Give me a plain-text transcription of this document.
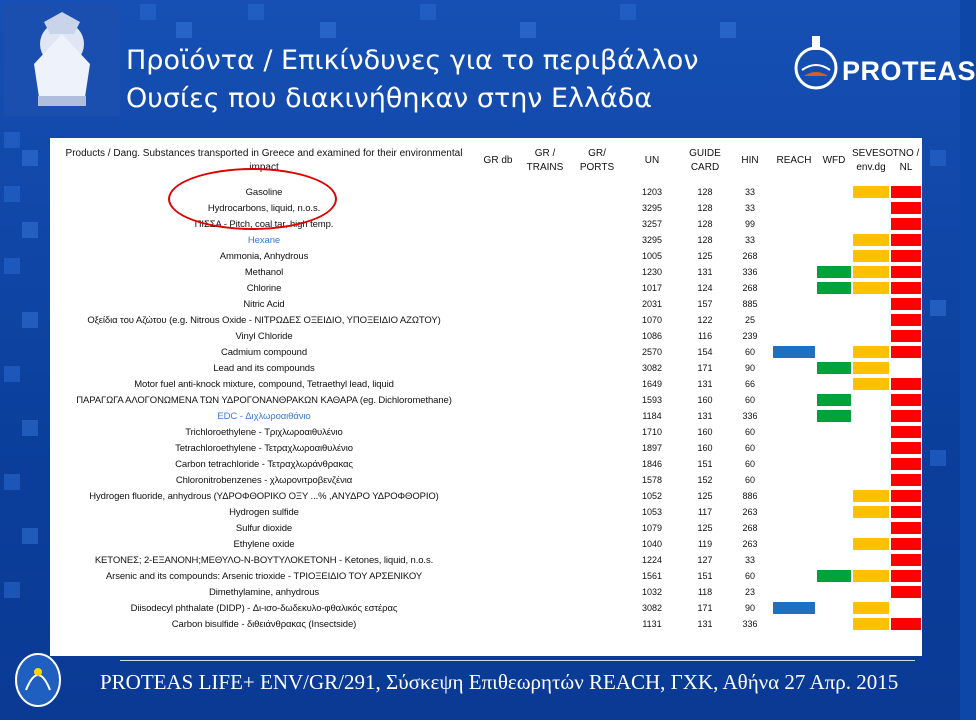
Προϊόντα / Επικίνδυνες για το περιβάλλον Ουσίες που διακινήθηκαν στην Ελλάδα
PROTEAS
Products / Dang. Substances transported in Greece and examined for their environmental impact	GR db	GR / TRAINS	GR/ PORTS	UN	GUIDE CARD	HIN	REACH	WFD	SEVESO env.dg	TNO / NL
Gasoline				1203	128	33			

Hydrocarbons, liquid, n.o.s.				3295	128	33				

ΠΙΣΣΑ - Pitch, coal tar, high temp.				3257	128	99				

Hexane				3295	128	33			

Ammonia, Anhydrous				1005	125	268			

Methanol				1230	131	336		

Chlorine				1017	124	268		

Nitric Acid				2031	157	885				

Οξείδια του Αζώτου (e.g. Nitrous Oxide - ΝΙΤΡΩΔΕΣ ΟΞΕΙΔΙΟ, ΥΠΟΞΕΙΔΙΟ ΑΖΩΤΟΥ)				1070	122	25				

Vinyl Chloride				1086	116	239				

Cadmium compound				2570	154	60	

Lead and its compounds				3082	171	90		

Motor fuel anti-knock mixture, compound, Tetraethyl lead, liquid				1649	131	66			

ΠΑΡΑΓΩΓΑ ΑΛΟΓΟΝΩΜΕΝΑ ΤΩΝ ΥΔΡΟΓΟΝΑΝΘΡΑΚΩΝ ΚΑΘΑΡΑ (eg. Dichloromethane)				1593	160	60		

EDC - Διχλωροαιθάνιο				1184	131	336		

Trichloroethylene - Τριχλωροαιθυλένιο				1710	160	60				

Tetrachloroethylene - Τετραχλωροαιθυλένιο				1897	160	60				

Carbon tetrachloride - Τετραχλωράνθρακας				1846	151	60				

Chloronitrobenzenes - χλωρονιτροβενζένια				1578	152	60				

Hydrogen fluoride, anhydrous (ΥΔΡΟΦΘΟΡΙΚΟ ΟΞΥ ...% ,ΑΝΥΔΡΟ ΥΔΡΟΦΘΟΡΙΟ)				1052	125	886			

Hydrogen sulfide				1053	117	263			

Sulfur dioxide				1079	125	268				

Ethylene oxide				1040	119	263			

ΚΕΤΟΝΕΣ; 2-ΕΞΑΝΟΝΗ;ΜΕΘΥΛΟ-Ν-ΒΟΥΤΥΛΟΚΕΤΟΝΗ - Ketones, liquid, n.o.s.				1224	127	33				

Arsenic and its compounds: Arsenic trioxide - ΤΡΙΟΞΕΙΔΙΟ ΤΟΥ ΑΡΣΕΝΙΚΟΥ				1561	151	60		

Dimethylamine, anhydrous				1032	118	23				

Diisodecyl phthalate (DIDP) - Δι-ισο-δωδεκυλο-φθαλικός εστέρας				3082	171	90	

Carbon bisulfide - διθειάνθρακας (Insectside)				1131	131	336			

PROTEAS LIFE+ ENV/GR/291, Σύσκεψη Επιθεωρητών REACH, ΓΧΚ, Αθήνα 27 Απρ. 2015
